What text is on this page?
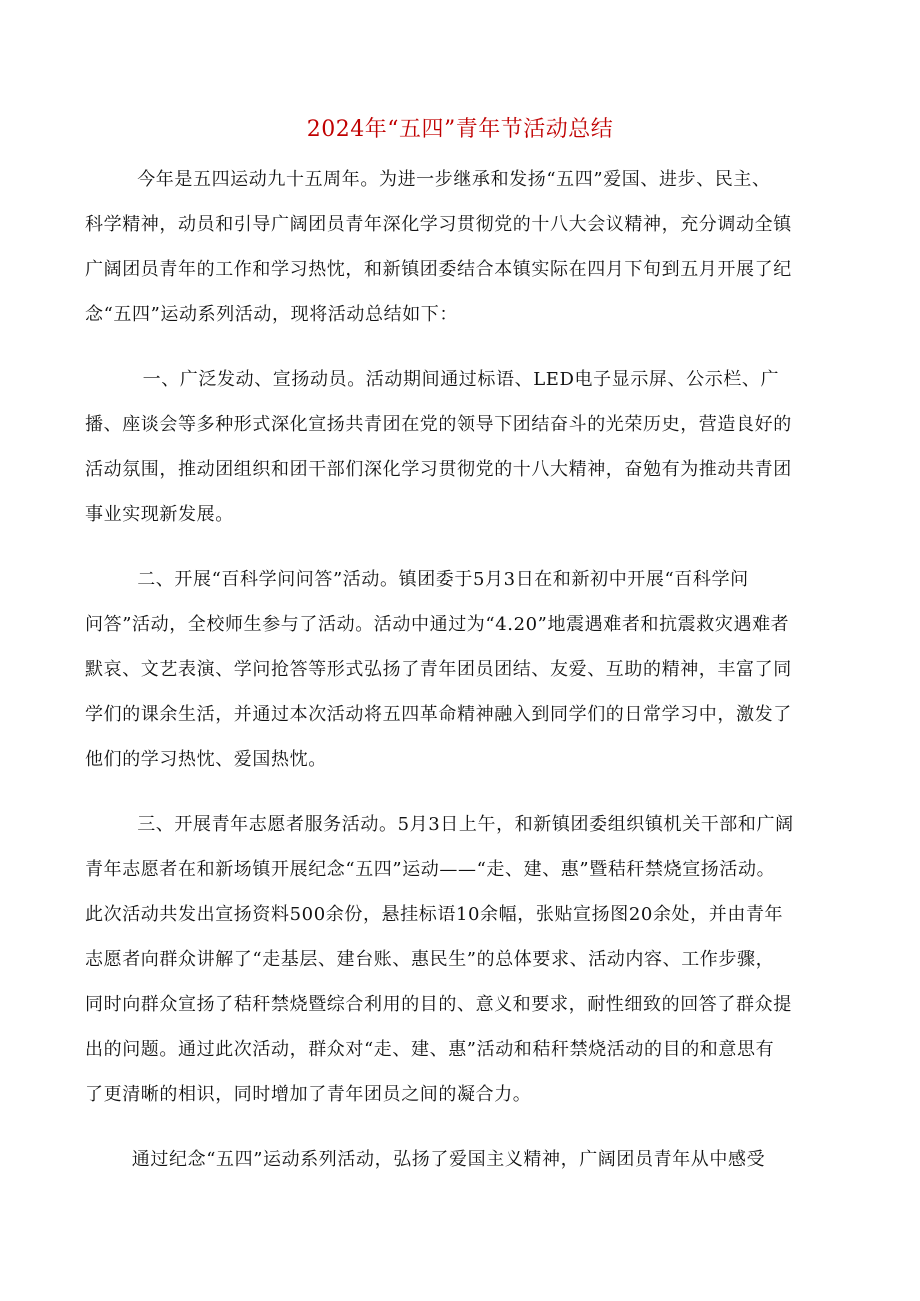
2024年“五四”青年节活动总结
今年是五四运动九十五周年。为进一步继承和发扬“五四”爱国、进步、民主、
科学精神，动员和引导广阔团员青年深化学习贯彻党的十八大会议精神，充分调动全镇
广阔团员青年的工作和学习热忱，和新镇团委结合本镇实际在四月下旬到五月开展了纪
念“五四”运动系列活动，现将活动总结如下：
一、广泛发动、宣扬动员。活动期间通过标语、LED电子显示屏、公示栏、广
播、座谈会等多种形式深化宣扬共青团在党的领导下团结奋斗的光荣历史，营造良好的
活动氛围，推动团组织和团干部们深化学习贯彻党的十八大精神，奋勉有为推动共青团
事业实现新发展。
二、开展“百科学问问答”活动。镇团委于5月3日在和新初中开展“百科学问
问答”活动，全校师生参与了活动。活动中通过为“4.20”地震遇难者和抗震救灾遇难者
默哀、文艺表演、学问抢答等形式弘扬了青年团员团结、友爱、互助的精神，丰富了同
学们的课余生活，并通过本次活动将五四革命精神融入到同学们的日常学习中，激发了
他们的学习热忱、爱国热忱。
三、开展青年志愿者服务活动。5月3日上午，和新镇团委组织镇机关干部和广阔
青年志愿者在和新场镇开展纪念“五四”运动——“走、建、惠”暨秸秆禁烧宣扬活动。
此次活动共发出宣扬资料500余份，悬挂标语10余幅，张贴宣扬图20余处，并由青年
志愿者向群众讲解了“走基层、建台账、惠民生”的总体要求、活动内容、工作步骤，
同时向群众宣扬了秸秆禁烧暨综合利用的目的、意义和要求，耐性细致的回答了群众提
出的问题。通过此次活动，群众对“走、建、惠”活动和秸秆禁烧活动的目的和意思有
了更清晰的相识，同时增加了青年团员之间的凝合力。
通过纪念“五四”运动系列活动，弘扬了爱国主义精神，广阔团员青年从中感受
